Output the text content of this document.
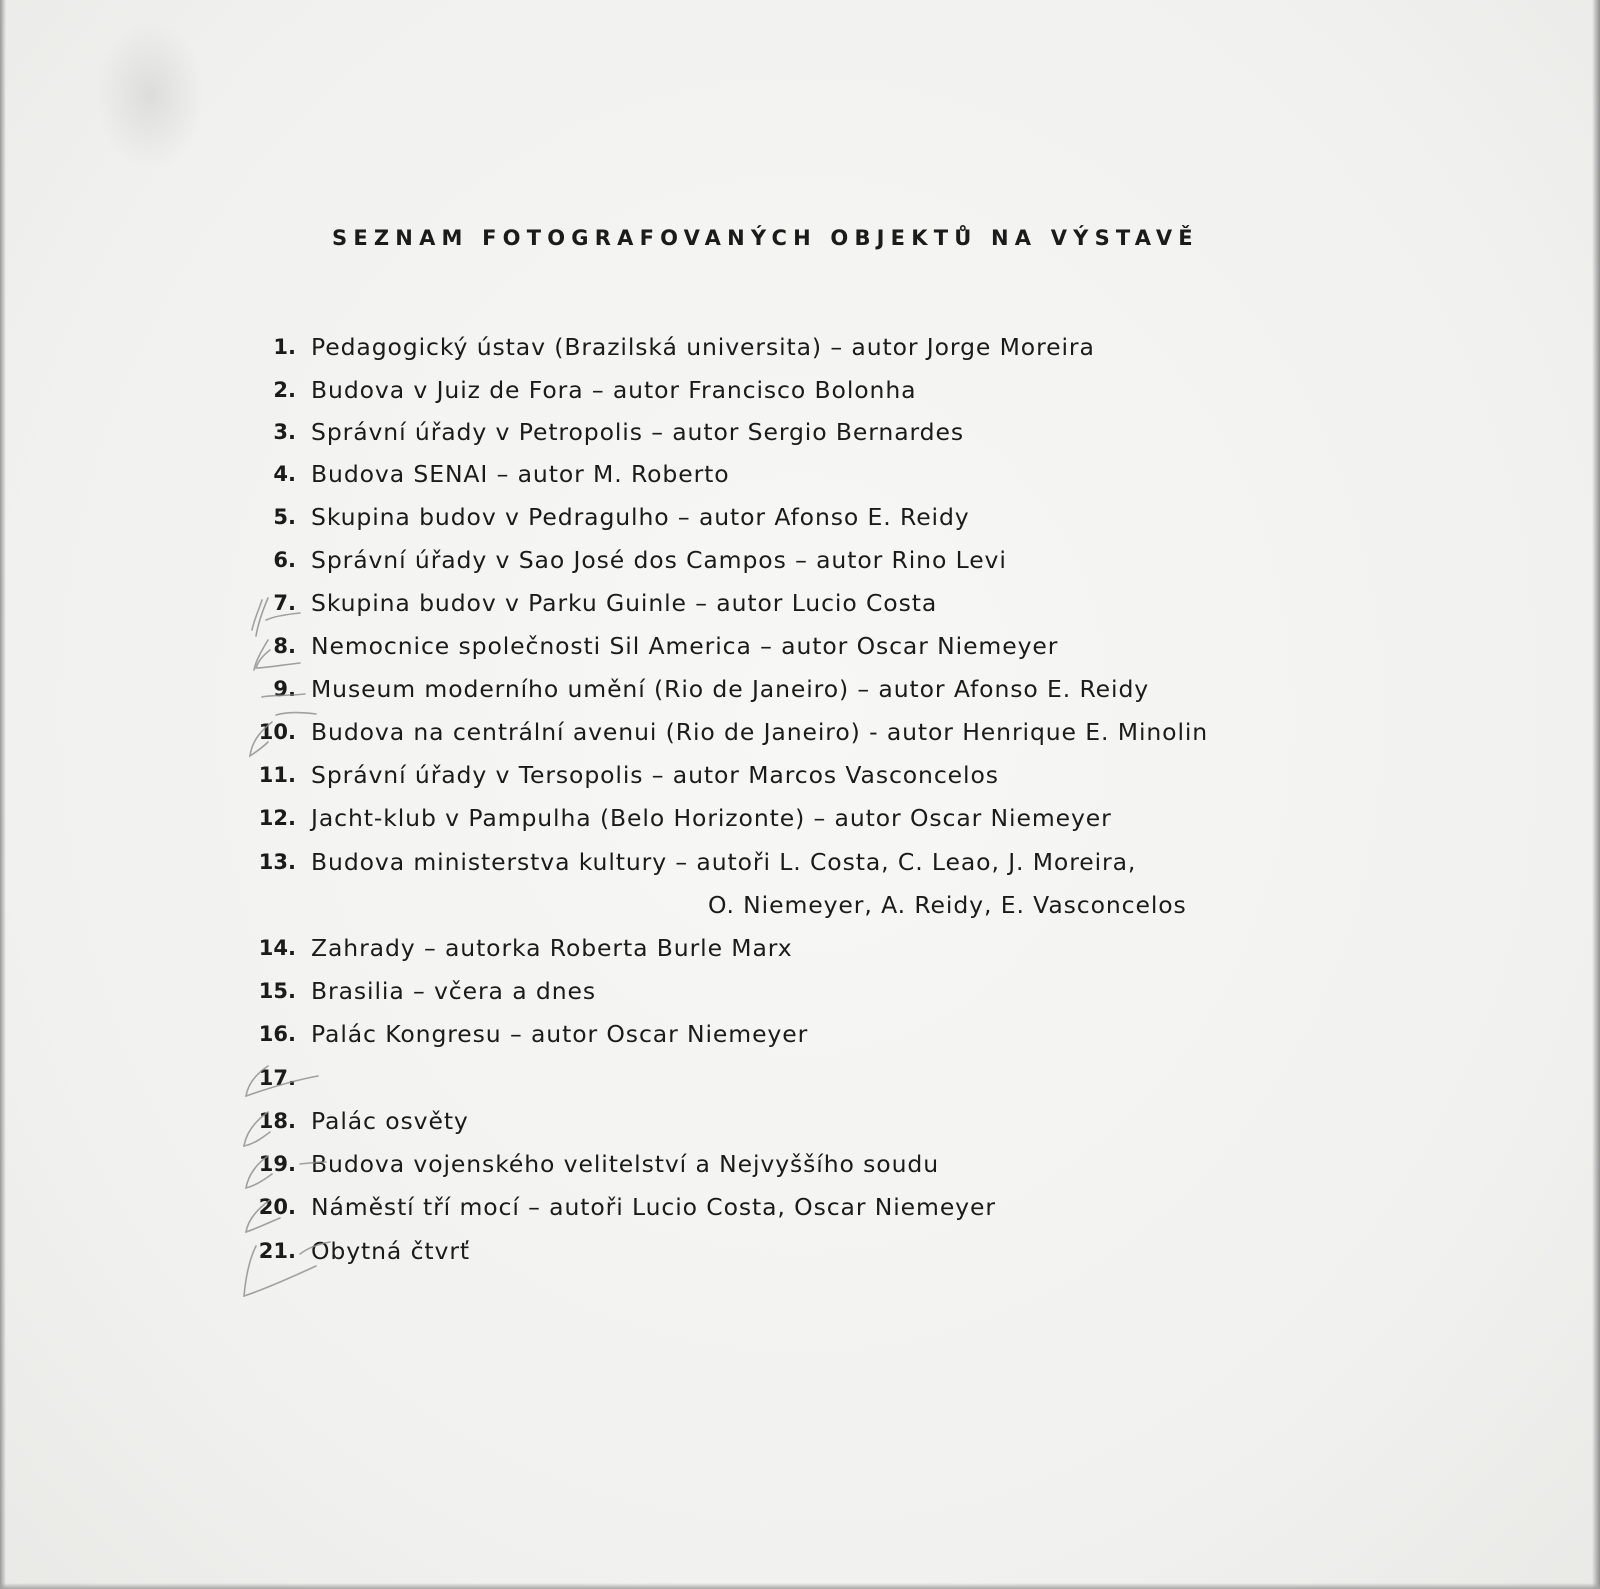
SEZNAM FOTOGRAFOVANÝCH OBJEKTŮ NA VÝSTAVĚ
1. Pedagogický ústav (Brazilská universita) – autor Jorge Moreira
2. Budova v Juiz de Fora – autor Francisco Bolonha
3. Správní úřady v Petropolis – autor Sergio Bernardes
4. Budova SENAI – autor M. Roberto
5. Skupina budov v Pedragulho – autor Afonso E. Reidy
6. Správní úřady v Sao José dos Campos – autor Rino Levi
7. Skupina budov v Parku Guinle – autor Lucio Costa
8. Nemocnice společnosti Sil America – autor Oscar Niemeyer
9. Museum moderního umění (Rio de Janeiro) – autor Afonso E. Reidy
10. Budova na centrální avenui (Rio de Janeiro) - autor Henrique E. Minolin
11. Správní úřady v Tersopolis – autor Marcos Vasconcelos
12. Jacht-klub v Pampulha (Belo Horizonte) – autor Oscar Niemeyer
13. Budova ministerstva kultury – autoři L. Costa, C. Leao, J. Moreira,
O. Niemeyer, A. Reidy, E. Vasconcelos
14. Zahrady – autorka Roberta Burle Marx
15. Brasilia – včera a dnes
16. Palác Kongresu – autor Oscar Niemeyer
17.
18. Palác osvěty
19. Budova vojenského velitelství a Nejvyššího soudu
20. Náměstí tří mocí – autoři Lucio Costa, Oscar Niemeyer
21. Obytná čtvrť
